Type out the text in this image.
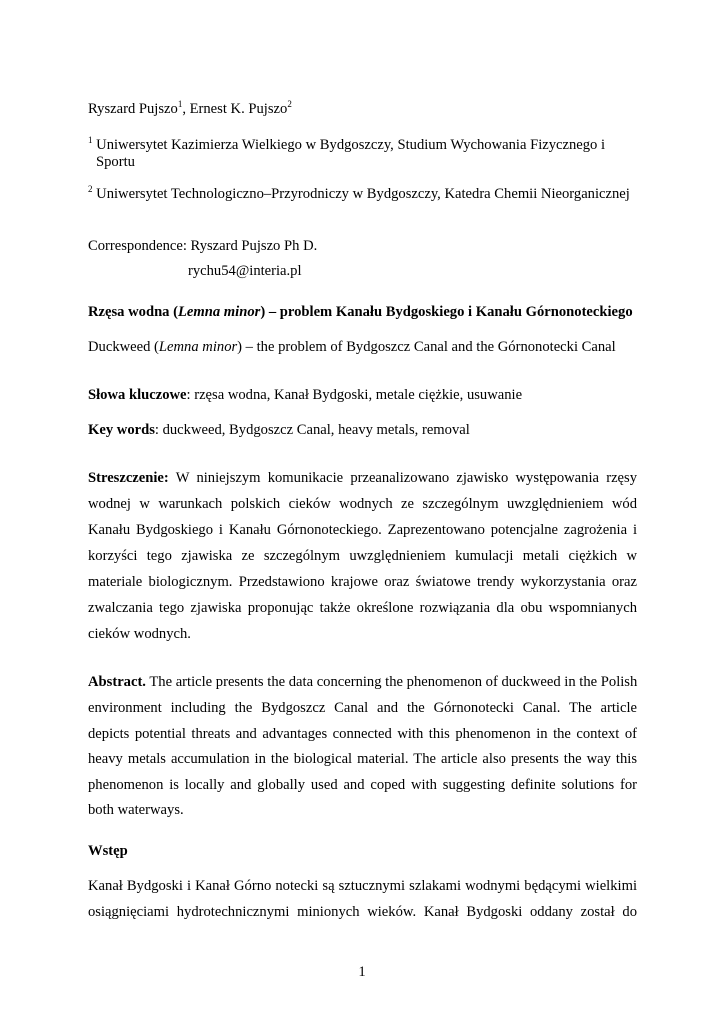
Ryszard Pujszo$^1$, Ernest K. Pujszo$^2$
$^1$ Uniwersytet Kazimierza Wielkiego w Bydgoszczy, Studium Wychowania Fizycznego i
Sportu
$^2$ Uniwersytet Technologiczno–Przyrodniczy w Bydgoszczy, Katedra Chemii Nieorganicznej
Correspondence: Ryszard Pujszo Ph D.
rychu54@interia.pl
Rzęsa wodna (Lemna minor) – problem Kanału Bydgoskiego i Kanału Górnonoteckiego
Duckweed (Lemna minor) – the problem of Bydgoszcz Canal and the Górnonotecki Canal
Słowa kluczowe: rzęsa wodna, Kanał Bydgoski, metale ciężkie, usuwanie
Key words: duckweed, Bydgoszcz Canal, heavy metals, removal
Streszczenie: W niniejszym komunikacie przeanalizowano zjawisko występowania rzęsy
wodnej w warunkach polskich cieków wodnych ze szczególnym uwzględnieniem wód
Kanału Bydgoskiego i Kanału Górnonoteckiego. Zaprezentowano potencjalne zagrożenia i
korzyści tego zjawiska ze szczególnym uwzględnieniem kumulacji metali ciężkich w
materiale biologicznym. Przedstawiono krajowe oraz światowe trendy wykorzystania oraz
zwalczania tego zjawiska proponując także określone rozwiązania dla obu wspomnianych
cieków wodnych.
Abstract. The article presents the data concerning the phenomenon of duckweed in the Polish
environment including the Bydgoszcz Canal and the Górnonotecki Canal. The article
depicts potential threats and advantages connected with this phenomenon in the context of
heavy metals accumulation in the biological material. The article also presents the way this
phenomenon is locally and globally used and coped with suggesting definite solutions for
both waterways.
Wstęp
Kanał Bydgoski i Kanał Górno notecki są sztucznymi szlakami wodnymi będącymi wielkimi
osiągnięciami hydrotechnicznymi minionych wieków. Kanał Bydgoski oddany został do
1
